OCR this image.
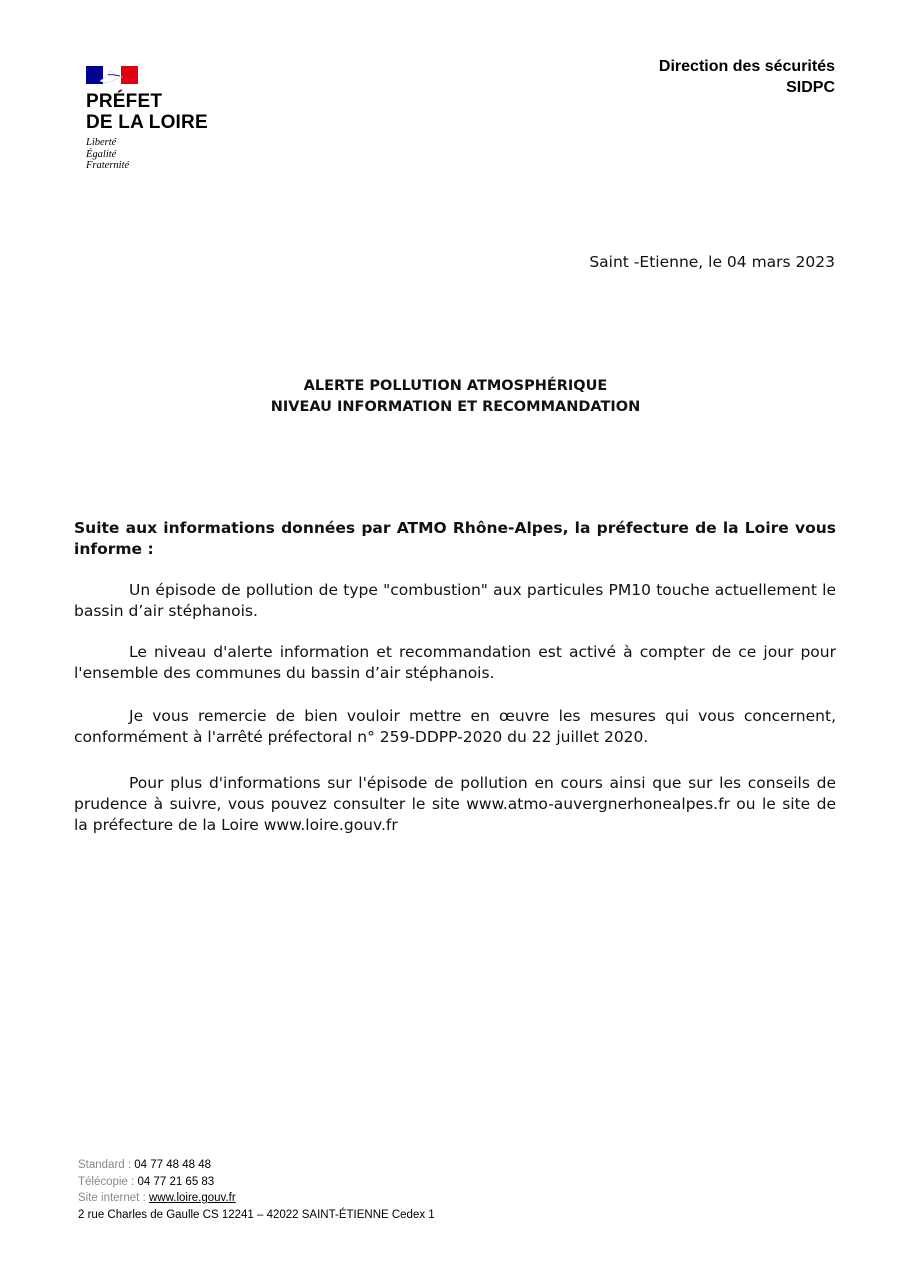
PRÉFET
DE LA LOIRE
Liberté
Égalité
Fraternité
Direction des sécurités
SIDPC
Saint -Etienne, le 04 mars 2023
ALERTE POLLUTION ATMOSPHÉRIQUE
NIVEAU INFORMATION ET RECOMMANDATION

Suite aux informations données par ATMO Rhône-Alpes, la préfecture de la Loire vous informe :

Un épisode de pollution de type "combustion" aux particules PM10 touche actuellement le bassin d’air stéphanois.

Le niveau d'alerte information et recommandation est activé à compter de ce jour pour l'ensemble des communes du bassin d’air stéphanois.

Je vous remercie de bien vouloir mettre en œuvre les mesures qui vous concernent, conformément à l'arrêté préfectoral n° 259-DDPP-2020 du 22 juillet 2020.

Pour plus d'informations sur l'épisode de pollution en cours ainsi que sur les conseils de prudence à suivre, vous pouvez consulter le site www.atmo-auvergnerhonealpes.fr ou le site de la préfecture de la Loire www.loire.gouv.fr

Standard : 04 77 48 48 48
Télécopie : 04 77 21 65 83
Site internet : www.loire.gouv.fr
2 rue Charles de Gaulle CS 12241 – 42022 SAINT-ÉTIENNE Cedex 1
